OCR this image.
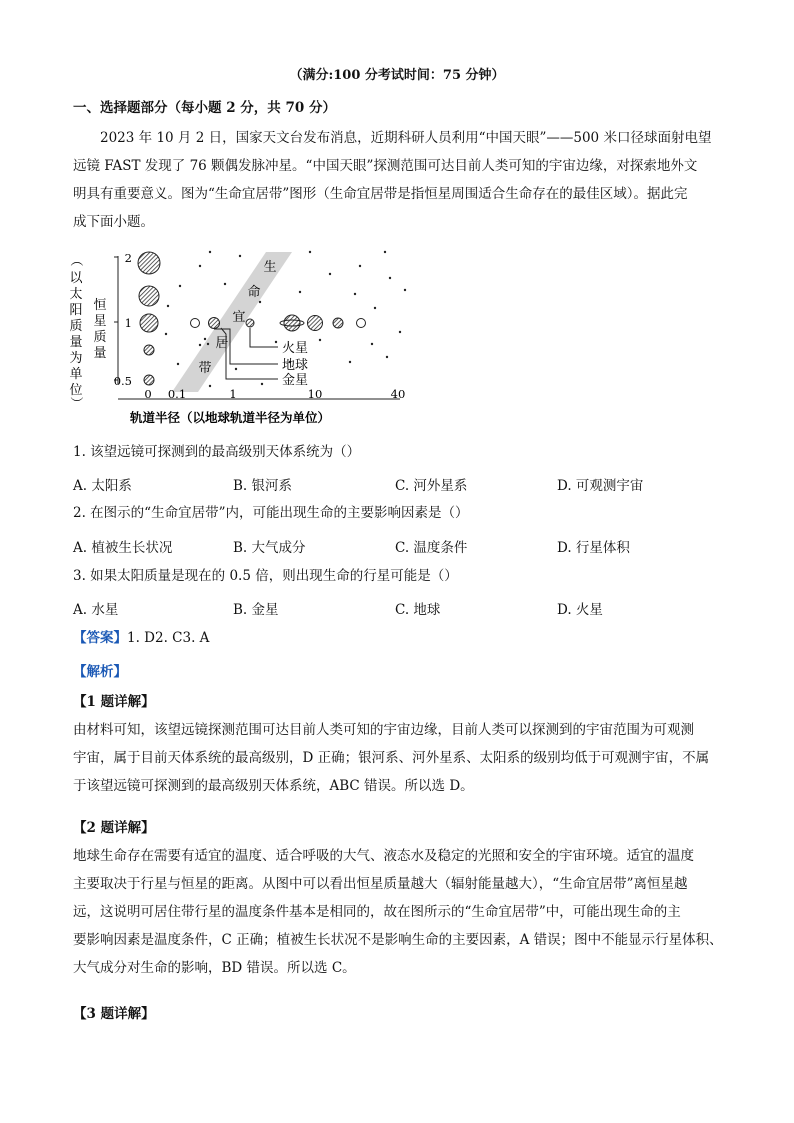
（满分:100 分考试时间：75 分钟）
一、选择题部分（每小题 2 分，共 70 分）
2023 年 10 月 2 日，国家天文台发布消息，近期科研人员利用“中国天眼”——500 米口径球面射电望
远镜 FAST 发现了 76 颗偶发脉冲星。“中国天眼”探测范围可达目前人类可知的宇宙边缘，对探索地外文
明具有重要意义。图为“生命宜居带”图形（生命宜居带是指恒星周围适合生命存在的最佳区域）。据此完
成下面小题。
（
以
太
阳
质
量
为
单
位
）
恒
星
质
量
2
1
0.5
生
命
宜
居
带
火星
地球
金星
0 0.1	1	10	40
轨道半径（以地球轨道半径为单位）
1. 该望远镜可探测到的最高级别天体系统为（）
A. 太阳系	B. 银河系	C. 河外星系	D. 可观测宇宙
2. 在图示的“生命宜居带”内，可能出现生命的主要影响因素是（）
A. 植被生长状况	B. 大气成分	C. 温度条件	D. 行星体积
3. 如果太阳质量是现在的 0.5 倍，则出现生命的行星可能是（）
A. 水星	B. 金星	C. 地球	D. 火星
【答案】1. D2. C3. A
【解析】
【1 题详解】
由材料可知，该望远镜探测范围可达目前人类可知的宇宙边缘，目前人类可以探测到的宇宙范围为可观测
宇宙，属于目前天体系统的最高级别，D 正确；银河系、河外星系、太阳系的级别均低于可观测宇宙，不属
于该望远镜可探测到的最高级别天体系统，ABC 错误。所以选 D。
【2 题详解】
地球生命存在需要有适宜的温度、适合呼吸的大气、液态水及稳定的光照和安全的宇宙环境。适宜的温度
主要取决于行星与恒星的距离。从图中可以看出恒星质量越大（辐射能量越大），“生命宜居带”离恒星越
远，这说明可居住带行星的温度条件基本是相同的，故在图所示的“生命宜居带”中，可能出现生命的主
要影响因素是温度条件，C 正确；植被生长状况不是影响生命的主要因素，A 错误；图中不能显示行星体积、
大气成分对生命的影响，BD 错误。所以选 C。
【3 题详解】
